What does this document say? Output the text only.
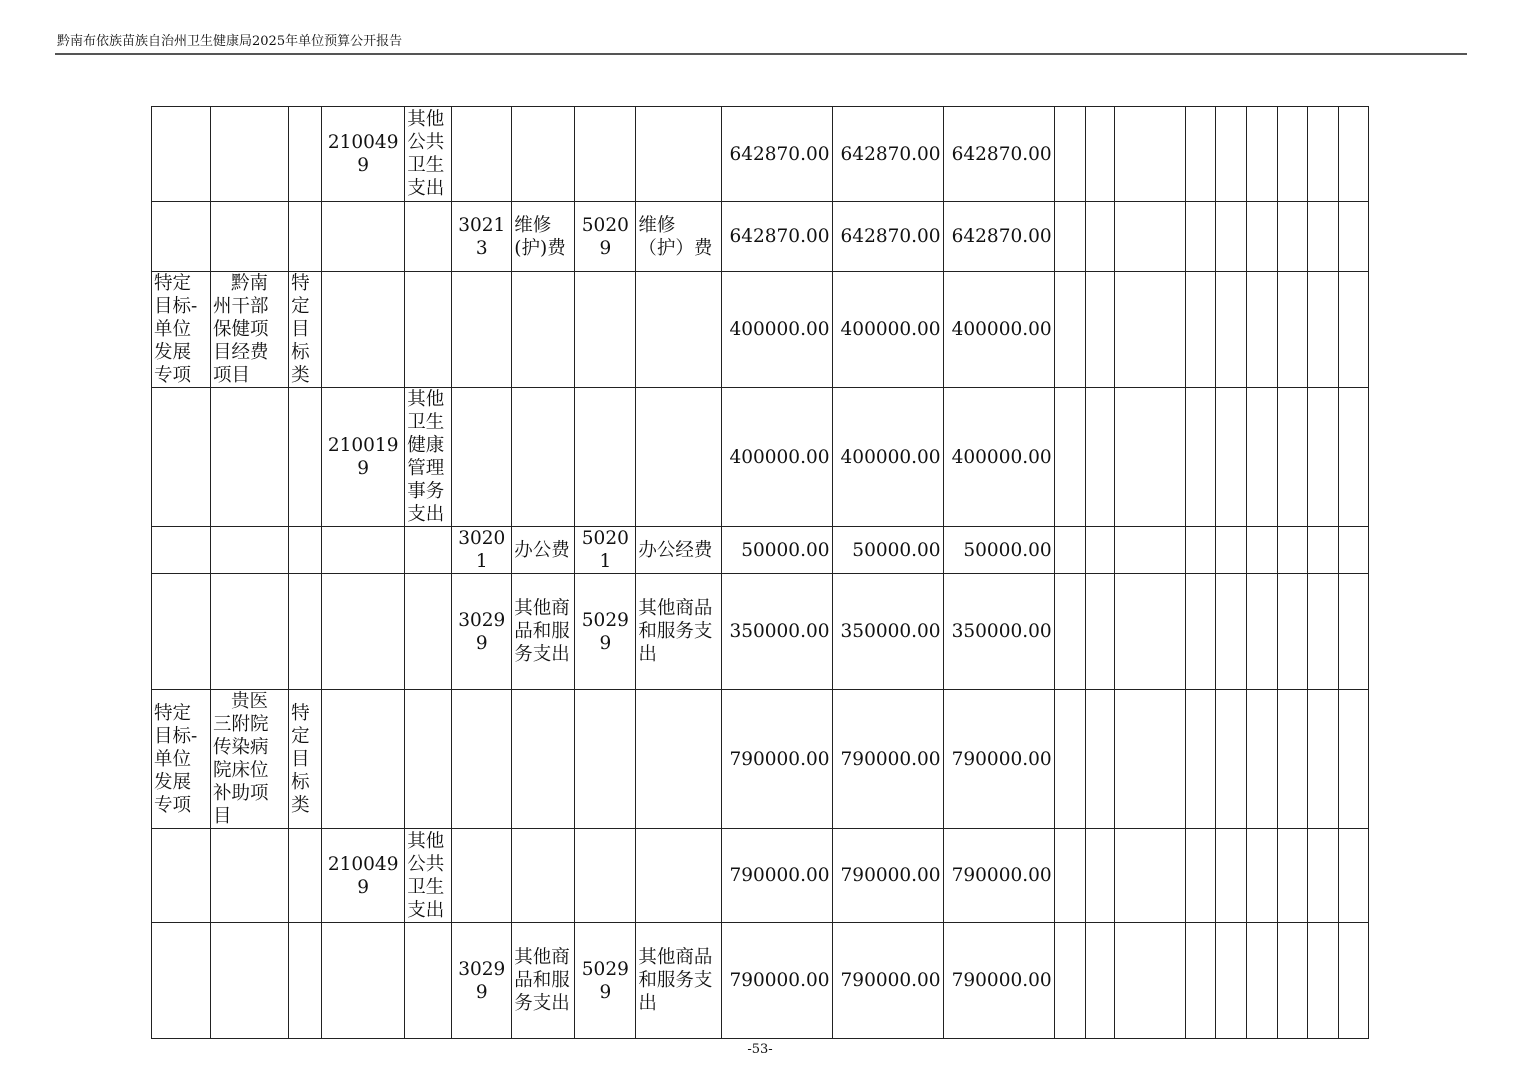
黔南布依族苗族自治州卫生健康局2025年单位预算公开报告
			2100499	其他公共卫生支出					642870.00	642870.00	642870.00									
					30213	维修(护)费	50209	维修（护）费	642870.00	642870.00	642870.00									
特定目标-单位发展专项	黔南州干部保健项目经费项目	特定目标类							400000.00	400000.00	400000.00									
			2100199	其他卫生健康管理事务支出					400000.00	400000.00	400000.00									
					30201	办公费	50201	办公经费	50000.00	50000.00	50000.00									
					30299	其他商品和服务支出	50299	其他商品和服务支出	350000.00	350000.00	350000.00									
特定目标-单位发展专项	贵医三附院传染病院床位补助项目	特定目标类							790000.00	790000.00	790000.00									
			2100499	其他公共卫生支出					790000.00	790000.00	790000.00									
					30299	其他商品和服务支出	50299	其他商品和服务支出	790000.00	790000.00	790000.00									
-53-
